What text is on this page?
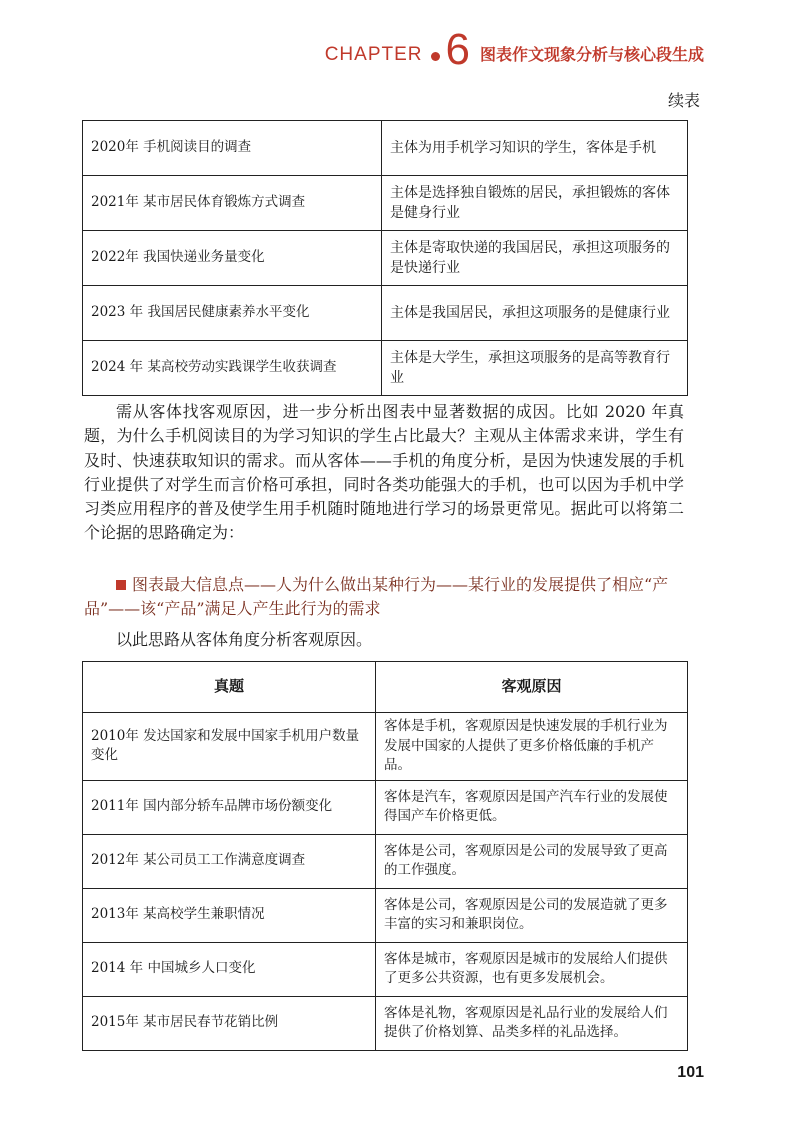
CHAPTER 6 图表作文现象分析与核心段生成
续表
2020年 手机阅读目的调查	主体为用手机学习知识的学生，客体是手机
2021年 某市居民体育锻炼方式调查	主体是选择独自锻炼的居民，承担锻炼的客体是健身行业
2022年 我国快递业务量变化	主体是寄取快递的我国居民，承担这项服务的是快递行业
2023 年 我国居民健康素养水平变化	主体是我国居民，承担这项服务的是健康行业
2024 年 某高校劳动实践课学生收获调查	主体是大学生，承担这项服务的是高等教育行业
需从客体找客观原因，进一步分析出图表中显著数据的成因。比如 2020 年真题，为什么手机阅读目的为学习知识的学生占比最大？主观从主体需求来讲，学生有及时、快速获取知识的需求。而从客体——手机的角度分析，是因为快速发展的手机行业提供了对学生而言价格可承担，同时各类功能强大的手机，也可以因为手机中学习类应用程序的普及使学生用手机随时随地进行学习的场景更常见。据此可以将第二个论据的思路确定为：
图表最大信息点——人为什么做出某种行为——某行业的发展提供了相应“产品”——该“产品”满足人产生此行为的需求
以此思路从客体角度分析客观原因。
真题	客观原因
2010年 发达国家和发展中国家手机用户数量变化	客体是手机，客观原因是快速发展的手机行业为发展中国家的人提供了更多价格低廉的手机产品。
2011年 国内部分轿车品牌市场份额变化	客体是汽车，客观原因是国产汽车行业的发展使得国产车价格更低。
2012年 某公司员工工作满意度调查	客体是公司，客观原因是公司的发展导致了更高的工作强度。
2013年 某高校学生兼职情况	客体是公司，客观原因是公司的发展造就了更多丰富的实习和兼职岗位。
2014 年 中国城乡人口变化	客体是城市，客观原因是城市的发展给人们提供了更多公共资源，也有更多发展机会。
2015年 某市居民春节花销比例	客体是礼物，客观原因是礼品行业的发展给人们提供了价格划算、品类多样的礼品选择。
101
